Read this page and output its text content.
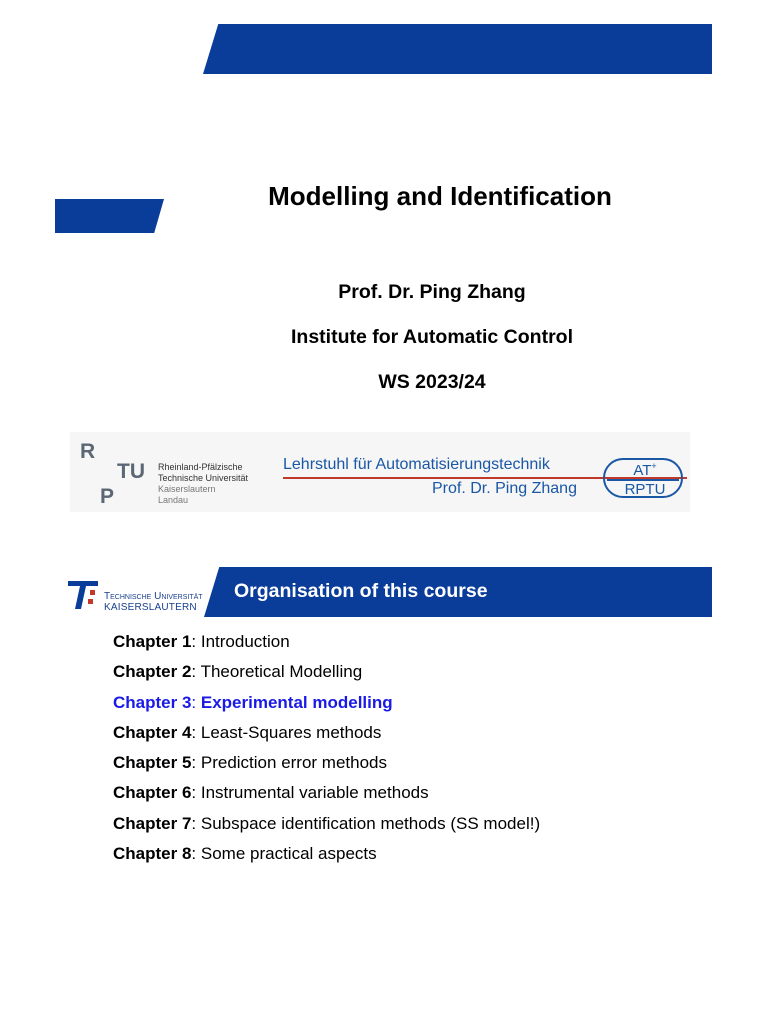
Modelling and Identification
Prof. Dr. Ping Zhang
Institute for Automatic Control
WS 2023/24
R
TU
P
Rheinland-Pfälzische
Technische Universität
Kaiserslautern
Landau
Lehrstuhl für Automatisierungstechnik
Prof. Dr. Ping Zhang
AT+
RPTU
Technische Universität
KAISERSLAUTERN
Organisation of this course
Chapter 1: Introduction
Chapter 2: Theoretical Modelling
Chapter 3: Experimental modelling
Chapter 4: Least-Squares methods
Chapter 5: Prediction error methods
Chapter 6: Instrumental variable methods
Chapter 7: Subspace identification methods (SS model!)
Chapter 8: Some practical aspects
